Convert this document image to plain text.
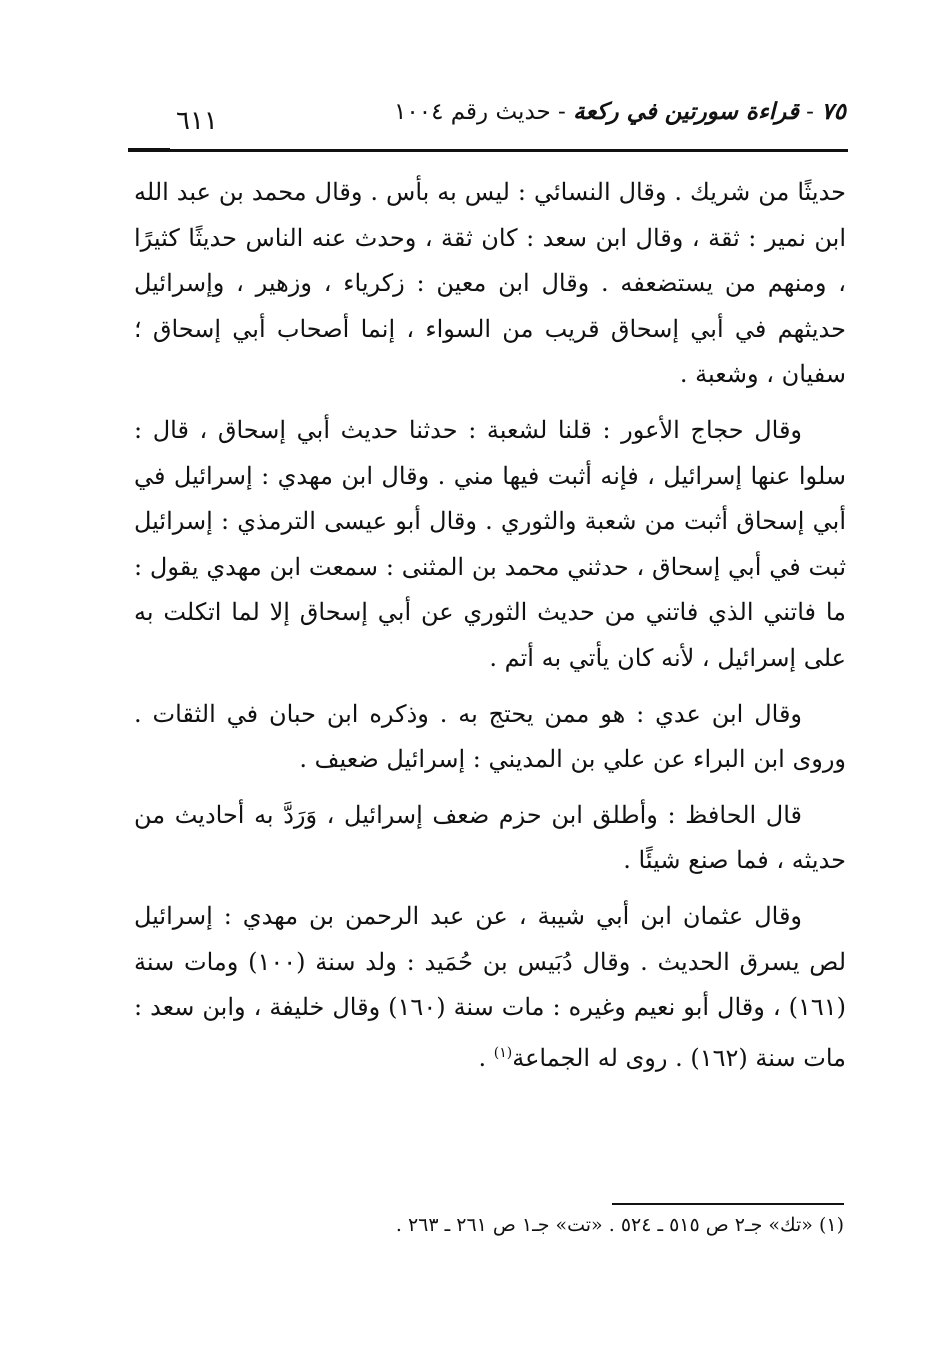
٧٥ - قراءة سورتين في ركعة - حديث رقم ١٠٠٤
٦١١

حديثًا من شريك . وقال النسائي : ليس به بأس . وقال محمد بن عبد الله ابن نمير : ثقة ، وقال ابن سعد : كان ثقة ، وحدث عنه الناس حديثًا كثيرًا ، ومنهم من يستضعفه . وقال ابن معين : زكرياء ، وزهير ، وإسرائيل حديثهم في أبي إسحاق قريب من السواء ، إنما أصحاب أبي إسحاق ؛ سفيان ، وشعبة .

وقال حجاج الأعور : قلنا لشعبة : حدثنا حديث أبي إسحاق ، قال : سلوا عنها إسرائيل ، فإنه أثبت فيها مني . وقال ابن مهدي : إسرائيل في أبي إسحاق أثبت من شعبة والثوري . وقال أبو عيسى الترمذي : إسرائيل ثبت في أبي إسحاق ، حدثني محمد بن المثنى : سمعت ابن مهدي يقول : ما فاتني الذي فاتني من حديث الثوري عن أبي إسحاق إلا لما اتكلت به على إسرائيل ، لأنه كان يأتي به أتم .

وقال ابن عدي : هو ممن يحتج به . وذكره ابن حبان في الثقات . وروى ابن البراء عن علي بن المديني : إسرائيل ضعيف .

قال الحافظ : وأطلق ابن حزم ضعف إسرائيل ، وَرَدَّ به أحاديث من حديثه ، فما صنع شيئًا .

وقال عثمان ابن أبي شيبة ، عن عبد الرحمن بن مهدي : إسرائيل لص يسرق الحديث . وقال دُبَيس بن حُمَيد : ولد سنة (١٠٠) ومات سنة (١٦١) ، وقال أبو نعيم وغيره : مات سنة (١٦٠) وقال خليفة ، وابن سعد : مات سنة (١٦٢) . روى له الجماعة$^{(١)}$ .

(١) «تك» جـ٢ ص ٥١٥ ـ ٥٢٤ . «تت» جـ١ ص ٢٦١ ـ ٢٦٣ .
